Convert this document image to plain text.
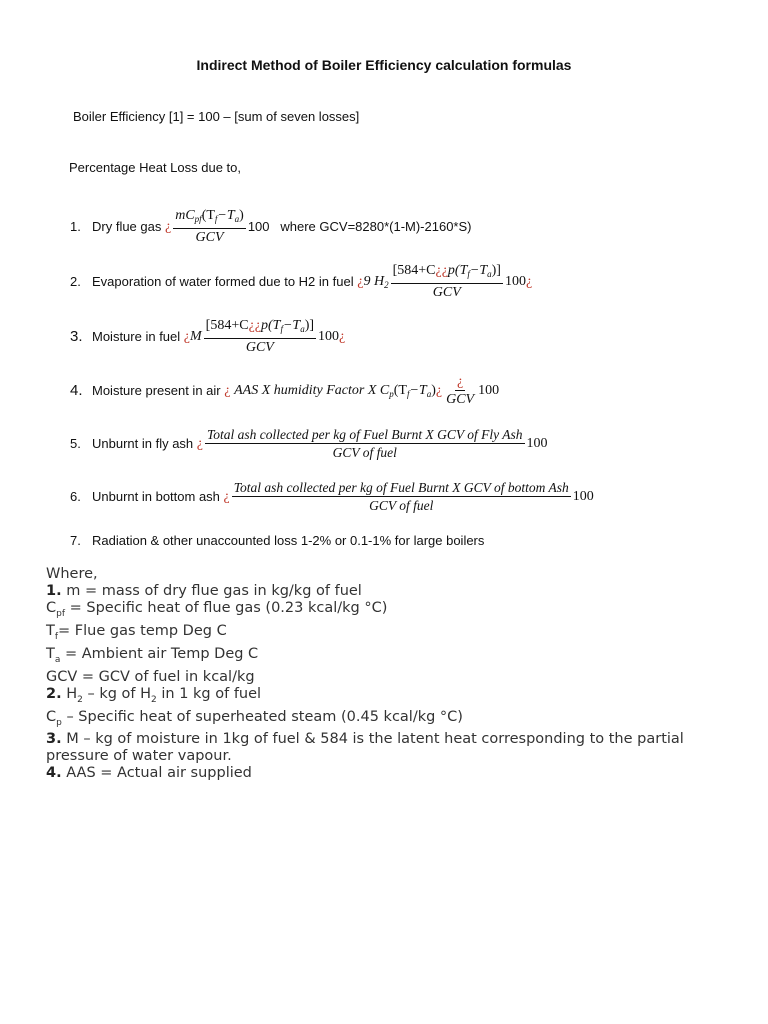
Indirect Method of Boiler Efficiency calculation formulas
Boiler Efficiency [1] = 100 – [sum of seven losses]
Percentage Heat Loss due to,
1. Dry flue gas
¿ $\frac{mC_{pf}(T_f-T_a)}{\text{GCV}} 100$
where GCV=8280*(1-M)-2160*S)
2. Evaporation of water formed due to H2 in fuel
¿ 9 $H_2 \frac{[584+C¿¿p(T_f-T_a)]}{\text{GCV}} 100$ ¿
3. Moisture in fuel
¿ M $\frac{[584+C¿¿p(T_f-T_a)]}{\text{GCV}} 100$ ¿
4. Moisture present in air
¿
AAS X humidity Factor X $C_p(T_f-T_a)$ ¿ $\frac{¿}{\text{GCV}} 100$
5. Unburnt in fly ash
¿ $\frac{\text{Total ash collected per kg of Fuel Burnt X GCV of Fly Ash}}{\text{GCV of fuel}} 100$
6. Unburnt in bottom ash
¿ $\frac{\text{Total ash collected per kg of Fuel Burnt X GCV of bottom Ash}}{\text{GCV of fuel}} 100$
7. Radiation & other unaccounted loss 1-2% or 0.1-1% for large boilers
Where,
1. m = mass of dry flue gas in kg/kg of fuel
$C_{pf}$ = Specific heat of flue gas (0.23 kcal/kg °C)
$T_f=$ Flue gas temp Deg C
$T_a$ = Ambient air Temp Deg C
GCV = GCV of fuel in kcal/kg
2. $H_2$ – kg of $H_2$ in 1 kg of fuel
$C_p$ – Specific heat of superheated steam (0.45 kcal/kg °C)
3. M – kg of moisture in 1kg of fuel & 584 is the latent heat corresponding to the partial pressure of water vapour.
4. AAS = Actual air supplied
